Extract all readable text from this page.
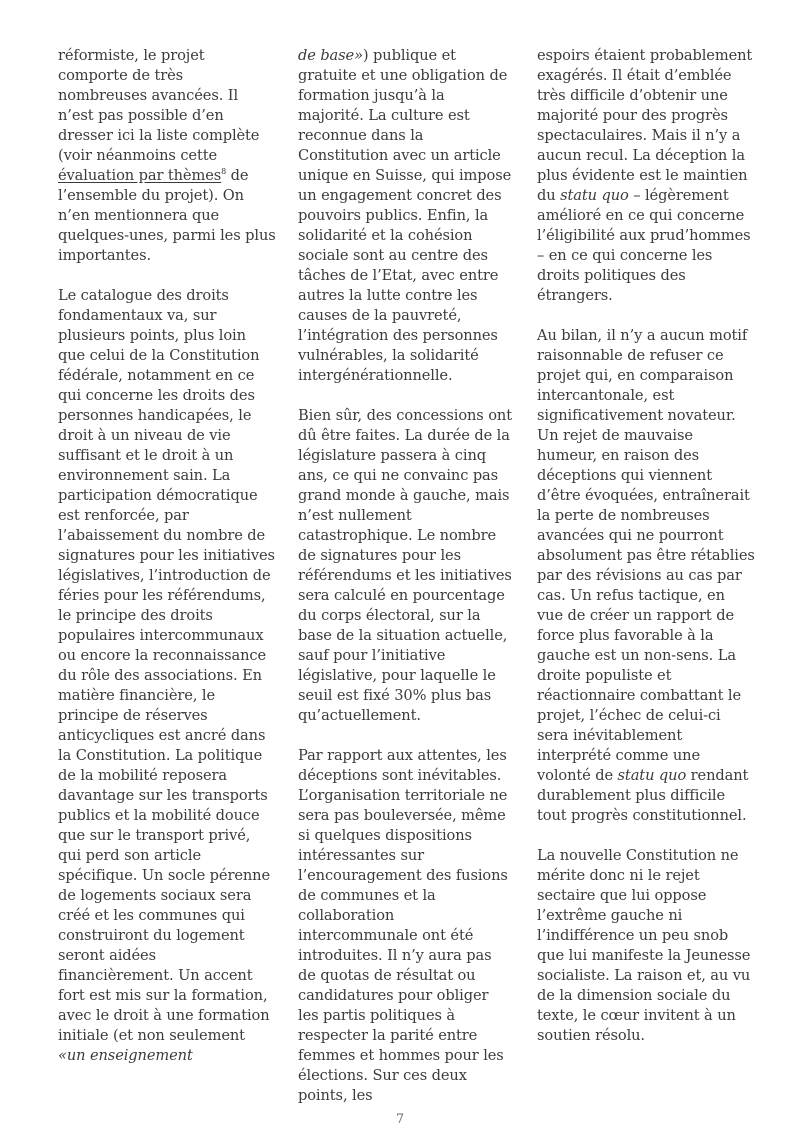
réformiste, le projet comporte de très nombreuses avancées. Il n’est pas possible d’en dresser ici la liste complète (voir néanmoins cette évaluation par thèmes$^8$ de l’ensemble du projet). On n’en mentionnera que quelques-unes, parmi les plus importantes.

Le catalogue des droits fondamentaux va, sur plusieurs points, plus loin que celui de la Constitution fédérale, notamment en ce qui concerne les droits des personnes handicapées, le droit à un niveau de vie suffisant et le droit à un environnement sain. La participation démocratique est renforcée, par l’abaissement du nombre de signatures pour les initiatives législatives, l’introduction de féries pour les référendums, le principe des droits populaires intercommunaux ou encore la reconnaissance du rôle des associations. En matière financière, le principe de réserves anticycliques est ancré dans la Constitution. La politique de la mobilité reposera davantage sur les transports publics et la mobilité douce que sur le transport privé, qui perd son article spécifique. Un socle pérenne de logements sociaux sera créé et les communes qui construiront du logement seront aidées financièrement. Un accent fort est mis sur la formation, avec le droit à une formation initiale (et non seulement «un enseignement

de base») publique et gratuite et une obligation de formation jusqu’à la majorité. La culture est reconnue dans la Constitution avec un article unique en Suisse, qui impose un engagement concret des pouvoirs publics. Enfin, la solidarité et la cohésion sociale sont au centre des tâches de l’Etat, avec entre autres la lutte contre les causes de la pauvreté, l’intégration des personnes vulnérables, la solidarité intergénérationnelle.

Bien sûr, des concessions ont dû être faites. La durée de la législature passera à cinq ans, ce qui ne convainc pas grand monde à gauche, mais n’est nullement catastrophique. Le nombre de signatures pour les référendums et les initiatives sera calculé en pourcentage du corps électoral, sur la base de la situation actuelle, sauf pour l’initiative législative, pour laquelle le seuil est fixé 30% plus bas qu’actuellement.

Par rapport aux attentes, les déceptions sont inévitables. L’organisation territoriale ne sera pas bouleversée, même si quelques dispositions intéressantes sur l’encouragement des fusions de communes et la collaboration intercommunale ont été introduites. Il n’y aura pas de quotas de résultat ou candidatures pour obliger les partis politiques à respecter la parité entre femmes et hommes pour les élections. Sur ces deux points, les

espoirs étaient probablement exagérés. Il était d’emblée très difficile d’obtenir une majorité pour des progrès spectaculaires. Mais il n’y a aucun recul. La déception la plus évidente est le maintien du statu quo – légèrement amélioré en ce qui concerne l’éligibilité aux prud’hommes – en ce qui concerne les droits politiques des étrangers.

Au bilan, il n’y a aucun motif raisonnable de refuser ce projet qui, en comparaison intercantonale, est significativement novateur. Un rejet de mauvaise humeur, en raison des déceptions qui viennent d’être évoquées, entraînerait la perte de nombreuses avancées qui ne pourront absolument pas être rétablies par des révisions au cas par cas. Un refus tactique, en vue de créer un rapport de force plus favorable à la gauche est un non-sens. La droite populiste et réactionnaire combattant le projet, l’échec de celui-ci sera inévitablement interprété comme une volonté de statu quo rendant durablement plus difficile tout progrès constitutionnel.

La nouvelle Constitution ne mérite donc ni le rejet sectaire que lui oppose l’extrême gauche ni l’indifférence un peu snob que lui manifeste la Jeunesse socialiste. La raison et, au vu de la dimension sociale du texte, le cœur invitent à un soutien résolu.

7
